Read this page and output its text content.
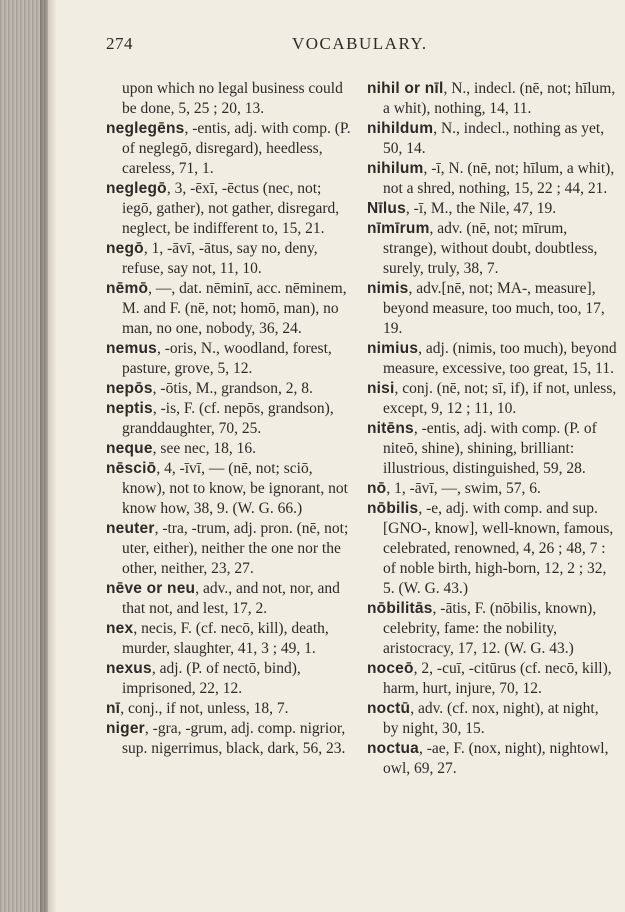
274	VOCABULARY.
upon which no legal business could be done, 5, 25 ; 20, 13.
neglegēns, -entis, adj. with comp. (P. of neglegō, disregard), heedless, careless, 71, 1.
neglegō, 3, -ēxī, -ēctus (nec, not; iegō, gather), not gather, disregard, neglect, be indifferent to, 15, 21.
negō, 1, -āvī, -ātus, say no, deny, refuse, say not, 11, 10.
nēmō, —, dat. nēminī, acc. nēminem, M. and F. (nē, not; homō, man), no man, no one, nobody, 36, 24.
nemus, -oris, N., woodland, forest, pasture, grove, 5, 12.
nepōs, -ōtis, M., grandson, 2, 8.
neptis, -is, F. (cf. nepōs, grandson), granddaughter, 70, 25.
neque, see nec, 18, 16.
nēsciō, 4, -īvī, — (nē, not; sciō, know), not to know, be ignorant, not know how, 38, 9. (W. G. 66.)
neuter, -tra, -trum, adj. pron. (nē, not; uter, either), neither the one nor the other, neither, 23, 27.
nēve or neu, adv., and not, nor, and that not, and lest, 17, 2.
nex, necis, F. (cf. necō, kill), death, murder, slaughter, 41, 3 ; 49, 1.
nexus, adj. (P. of nectō, bind), imprisoned, 22, 12.
nī, conj., if not, unless, 18, 7.
niger, -gra, -grum, adj. comp. nigrior, sup. nigerrimus, black, dark, 56, 23.
nihil or nīl, N., indecl. (nē, not; hīlum, a whit), nothing, 14, 11.
nihildum, N., indecl., nothing as yet, 50, 14.
nihilum, -ī, N. (nē, not; hīlum, a whit), not a shred, nothing, 15, 22 ; 44, 21.
Nīlus, -ī, M., the Nile, 47, 19.
nīmīrum, adv. (nē, not; mīrum, strange), without doubt, doubtless, surely, truly, 38, 7.
nimis, adv.[nē, not; MA-, measure], beyond measure, too much, too, 17, 19.
nimius, adj. (nimis, too much), beyond measure, excessive, too great, 15, 11.
nisi, conj. (nē, not; sī, if), if not, unless, except, 9, 12 ; 11, 10.
nitēns, -entis, adj. with comp. (P. of niteō, shine), shining, brilliant: illustrious, distinguished, 59, 28.
nō, 1, -āvī, —, swim, 57, 6.
nōbilis, -e, adj. with comp. and sup. [GNO-, know], well-known, famous, celebrated, renowned, 4, 26 ; 48, 7 : of noble birth, high-born, 12, 2 ; 32, 5. (W. G. 43.)
nōbilitās, -ātis, F. (nōbilis, known), celebrity, fame: the nobility, aristocracy, 17, 12. (W. G. 43.)
noceō, 2, -cuī, -citūrus (cf. necō, kill), harm, hurt, injure, 70, 12.
noctū, adv. (cf. nox, night), at night, by night, 30, 15.
noctua, -ae, F. (nox, night), nightowl, owl, 69, 27.
